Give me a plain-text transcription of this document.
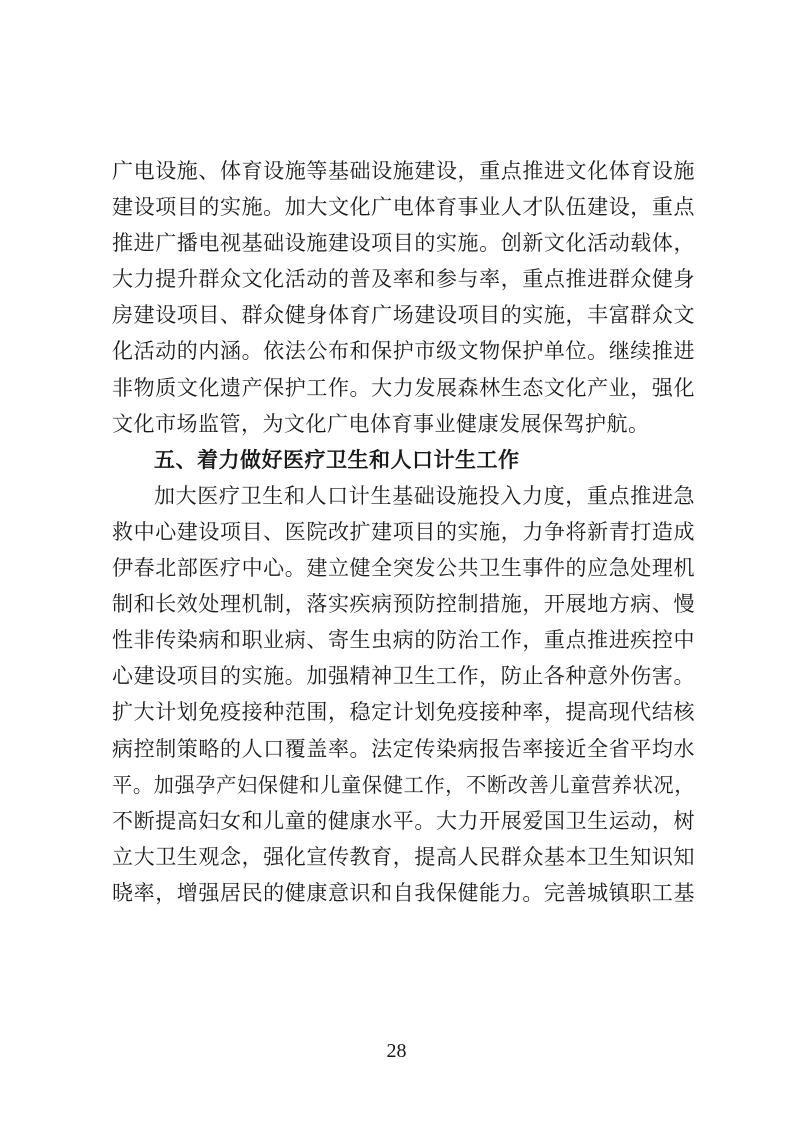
广电设施、体育设施等基础设施建设，重点推进文化体育设施
建设项目的实施。加大文化广电体育事业人才队伍建设，重点
推进广播电视基础设施建设项目的实施。创新文化活动载体，
大力提升群众文化活动的普及率和参与率，重点推进群众健身
房建设项目、群众健身体育广场建设项目的实施，丰富群众文
化活动的内涵。依法公布和保护市级文物保护单位。继续推进
非物质文化遗产保护工作。大力发展森林生态文化产业，强化
文化市场监管，为文化广电体育事业健康发展保驾护航。
五、着力做好医疗卫生和人口计生工作
加大医疗卫生和人口计生基础设施投入力度，重点推进急
救中心建设项目、医院改扩建项目的实施，力争将新青打造成
伊春北部医疗中心。建立健全突发公共卫生事件的应急处理机
制和长效处理机制，落实疾病预防控制措施，开展地方病、慢
性非传染病和职业病、寄生虫病的防治工作，重点推进疾控中
心建设项目的实施。加强精神卫生工作，防止各种意外伤害。
扩大计划免疫接种范围，稳定计划免疫接种率，提高现代结核
病控制策略的人口覆盖率。法定传染病报告率接近全省平均水
平。加强孕产妇保健和儿童保健工作，不断改善儿童营养状况，
不断提高妇女和儿童的健康水平。大力开展爱国卫生运动，树
立大卫生观念，强化宣传教育，提高人民群众基本卫生知识知
晓率，增强居民的健康意识和自我保健能力。完善城镇职工基
28
